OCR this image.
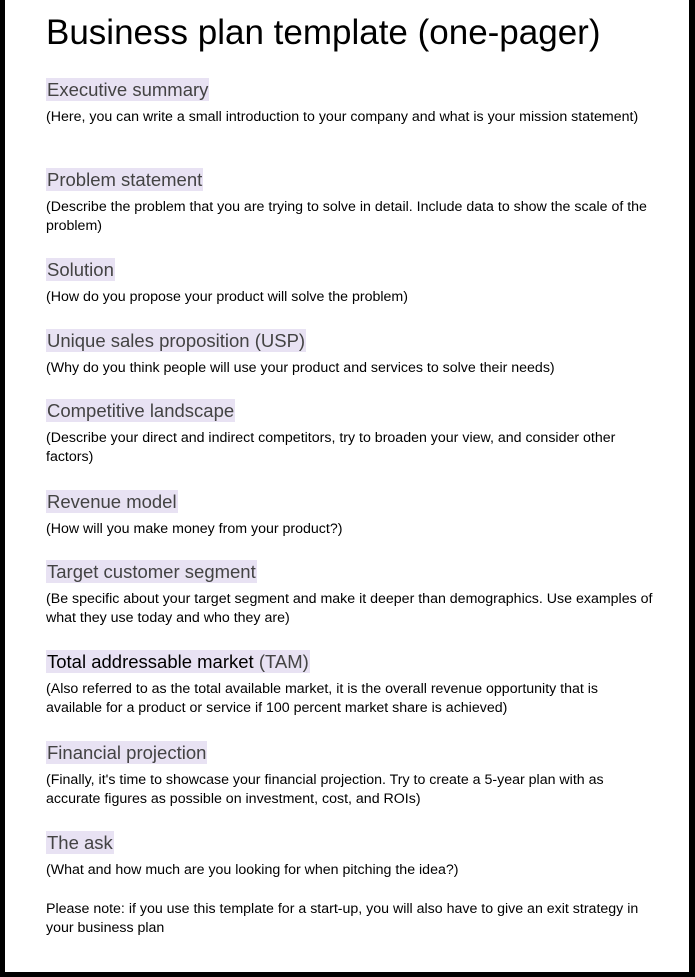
Business plan template (one-pager)
Executive summary

(Here, you can write a small introduction to your company and what is your mission statement)

Problem statement

(Describe the problem that you are trying to solve in detail. Include data to show the scale of the problem)

Solution

(How do you propose your product will solve the problem)

Unique sales proposition (USP)

(Why do you think people will use your product and services to solve their needs)

Competitive landscape

(Describe your direct and indirect competitors, try to broaden your view, and consider other factors)

Revenue model

(How will you make money from your product?)

Target customer segment

(Be specific about your target segment and make it deeper than demographics. Use examples of what they use today and who they are)

Total addressable market (TAM)

(Also referred to as the total available market, it is the overall revenue opportunity that is available for a product or service if 100 percent market share is achieved)

Financial projection

(Finally, it's time to showcase your financial projection. Try to create a 5-year plan with as accurate figures as possible on investment, cost, and ROIs)

The ask

(What and how much are you looking for when pitching the idea?)

Please note: if you use this template for a start-up, you will also have to give an exit strategy in your business plan
